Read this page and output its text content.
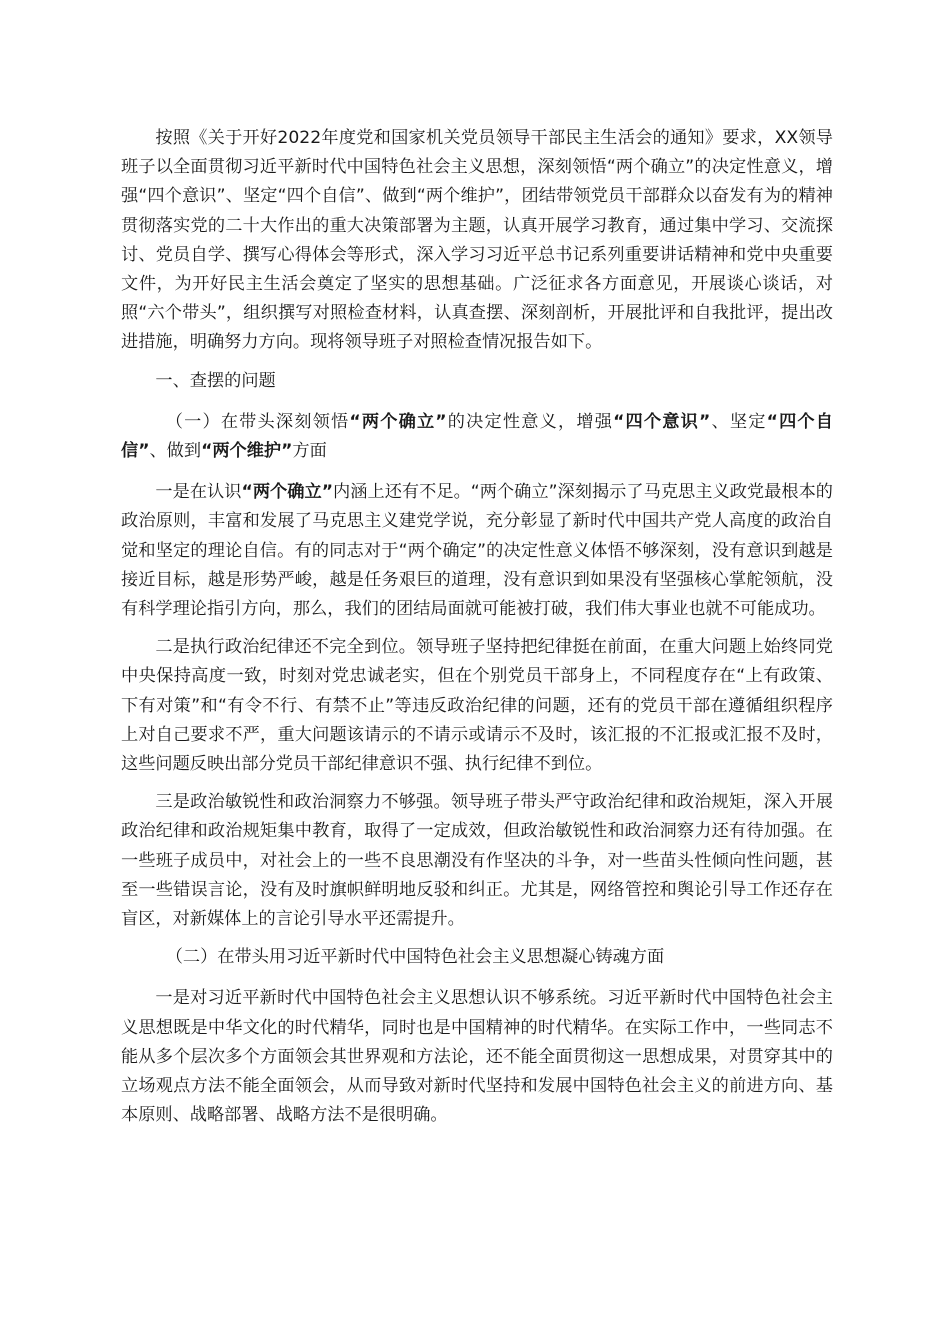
按照《关于开好2022年度党和国家机关党员领导干部民主生活会的通知》要求，XX领导班子以全面贯彻习近平新时代中国特色社会主义思想，深刻领悟“两个确立”的决定性意义，增强“四个意识”、坚定“四个自信”、做到“两个维护”，团结带领党员干部群众以奋发有为的精神贯彻落实党的二十大作出的重大决策部署为主题，认真开展学习教育，通过集中学习、交流探讨、党员自学、撰写心得体会等形式，深入学习习近平总书记系列重要讲话精神和党中央重要文件，为开好民主生活会奠定了坚实的思想基础。广泛征求各方面意见，开展谈心谈话，对照“六个带头”，组织撰写对照检查材料，认真查摆、深刻剖析，开展批评和自我批评，提出改进措施，明确努力方向。现将领导班子对照检查情况报告如下。

一、查摆的问题

（一）在带头深刻领悟“两个确立”的决定性意义，增强“四个意识”、坚定“四个自信”、做到“两个维护”方面

一是在认识“两个确立”内涵上还有不足。“两个确立”深刻揭示了马克思主义政党最根本的政治原则，丰富和发展了马克思主义建党学说，充分彰显了新时代中国共产党人高度的政治自觉和坚定的理论自信。有的同志对于“两个确定”的决定性意义体悟不够深刻，没有意识到越是接近目标，越是形势严峻，越是任务艰巨的道理，没有意识到如果没有坚强核心掌舵领航，没有科学理论指引方向，那么，我们的团结局面就可能被打破，我们伟大事业也就不可能成功。

二是执行政治纪律还不完全到位。领导班子坚持把纪律挺在前面，在重大问题上始终同党中央保持高度一致，时刻对党忠诚老实，但在个别党员干部身上，不同程度存在“上有政策、下有对策”和“有令不行、有禁不止”等违反政治纪律的问题，还有的党员干部在遵循组织程序上对自己要求不严，重大问题该请示的不请示或请示不及时，该汇报的不汇报或汇报不及时，这些问题反映出部分党员干部纪律意识不强、执行纪律不到位。

三是政治敏锐性和政治洞察力不够强。领导班子带头严守政治纪律和政治规矩，深入开展政治纪律和政治规矩集中教育，取得了一定成效，但政治敏锐性和政治洞察力还有待加强。在一些班子成员中，对社会上的一些不良思潮没有作坚决的斗争，对一些苗头性倾向性问题，甚至一些错误言论，没有及时旗帜鲜明地反驳和纠正。尤其是，网络管控和舆论引导工作还存在盲区，对新媒体上的言论引导水平还需提升。

（二）在带头用习近平新时代中国特色社会主义思想凝心铸魂方面

一是对习近平新时代中国特色社会主义思想认识不够系统。习近平新时代中国特色社会主义思想既是中华文化的时代精华，同时也是中国精神的时代精华。在实际工作中，一些同志不能从多个层次多个方面领会其世界观和方法论，还不能全面贯彻这一思想成果，对贯穿其中的立场观点方法不能全面领会，从而导致对新时代坚持和发展中国特色社会主义的前进方向、基本原则、战略部署、战略方法不是很明确。
